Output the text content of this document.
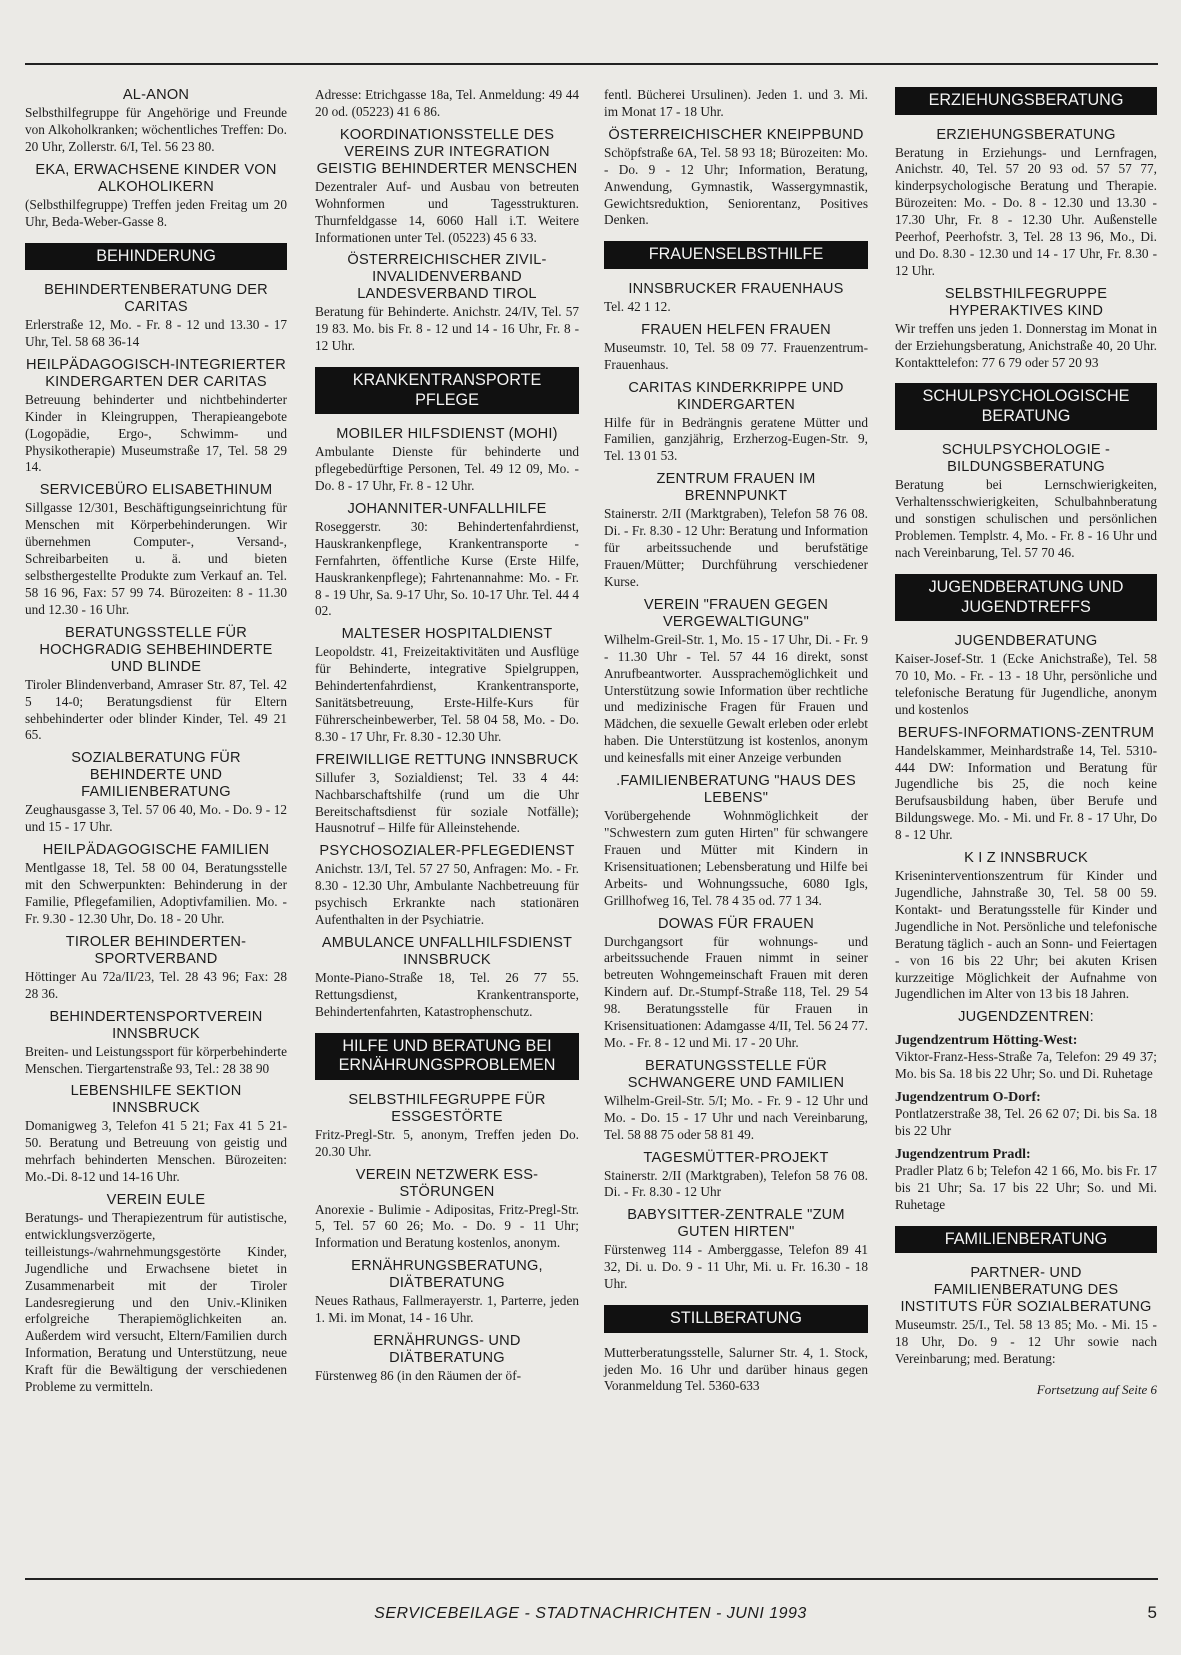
AL-ANON

Selbsthilfegruppe für Angehörige und Freunde von Alkoholkranken; wöchentliches Treffen: Do. 20 Uhr, Zollerstr. 6/I, Tel. 56 23 80.

EKA, ERWACHSENE KINDER VON ALKOHOLIKERN

(Selbsthilfegruppe) Treffen jeden Freitag um 20 Uhr, Beda-Weber-Gasse 8.

BEHINDERUNG
BEHINDERTENBERATUNG DER CARITAS

Erlerstraße 12, Mo. - Fr. 8 - 12 und 13.30 - 17 Uhr, Tel. 58 68 36-14

HEILPÄDAGOGISCH-INTEGRIERTER KINDERGARTEN DER CARITAS

Betreuung behinderter und nichtbehinderter Kinder in Kleingruppen, Therapieangebote (Logopädie, Ergo-, Schwimm- und Physikotherapie) Museumstraße 17, Tel. 58 29 14.

SERVICEBÜRO ELISABETHINUM

Sillgasse 12/301, Beschäftigungseinrichtung für Menschen mit Körperbehinderungen. Wir übernehmen Computer-, Versand-, Schreibarbeiten u. ä. und bieten selbsthergestellte Produkte zum Verkauf an. Tel. 58 16 96, Fax: 57 99 74. Bürozeiten: 8 - 11.30 und 12.30 - 16 Uhr.

BERATUNGSSTELLE FÜR HOCHGRADIG SEHBEHINDERTE UND BLINDE

Tiroler Blindenverband, Amraser Str. 87, Tel. 42 5 14-0; Beratungsdienst für Eltern sehbehinderter oder blinder Kinder, Tel. 49 21 65.

SOZIALBERATUNG FÜR BEHINDERTE UND FAMILIENBERATUNG

Zeughausgasse 3, Tel. 57 06 40, Mo. - Do. 9 - 12 und 15 - 17 Uhr.

HEILPÄDAGOGISCHE FAMILIEN

Mentlgasse 18, Tel. 58 00 04, Beratungsstelle mit den Schwerpunkten: Behinderung in der Familie, Pflegefamilien, Adoptivfamilien. Mo. - Fr. 9.30 - 12.30 Uhr, Do. 18 - 20 Uhr.

TIROLER BEHINDERTEN-SPORTVERBAND

Höttinger Au 72a/II/23, Tel. 28 43 96; Fax: 28 28 36.

BEHINDERTENSPORTVEREIN INNSBRUCK

Breiten- und Leistungssport für körperbehinderte Menschen. Tiergartenstraße 93, Tel.: 28 38 90

LEBENSHILFE SEKTION INNSBRUCK

Domanigweg 3, Telefon 41 5 21; Fax 41 5 21-50. Beratung und Betreuung von geistig und mehrfach behinderten Menschen. Bürozeiten: Mo.-Di. 8-12 und 14-16 Uhr.

VEREIN EULE

Beratungs- und Therapiezentrum für autistische, entwicklungsverzögerte, teilleistungs-/wahrnehmungsgestörte Kinder, Jugendliche und Erwachsene bietet in Zusammenarbeit mit der Tiroler Landesregierung und den Univ.-Kliniken erfolgreiche Therapiemöglichkeiten an. Außerdem wird versucht, Eltern/Familien durch Information, Beratung und Unterstützung, neue Kraft für die Bewältigung der verschiedenen Probleme zu vermitteln.

Adresse: Etrichgasse 18a, Tel. Anmeldung: 49 44 20 od. (05223) 41 6 86.

KOORDINATIONSSTELLE DES VEREINS ZUR INTEGRATION GEISTIG BEHINDERTER MENSCHEN

Dezentraler Auf- und Ausbau von betreuten Wohnformen und Tagesstrukturen. Thurnfeldgasse 14, 6060 Hall i.T. Weitere Informationen unter Tel. (05223) 45 6 33.

ÖSTERREICHISCHER ZIVIL-INVALIDENVERBAND LANDESVERBAND TIROL

Beratung für Behinderte. Anichstr. 24/IV, Tel. 57 19 83. Mo. bis Fr. 8 - 12 und 14 - 16 Uhr, Fr. 8 - 12 Uhr.

KRANKENTRANSPORTE PFLEGE
MOBILER HILFSDIENST (MOHI)

Ambulante Dienste für behinderte und pflegebedürftige Personen, Tel. 49 12 09, Mo. - Do. 8 - 17 Uhr, Fr. 8 - 12 Uhr.

JOHANNITER-UNFALLHILFE

Roseggerstr. 30: Behindertenfahrdienst, Hauskrankenpflege, Krankentransporte - Fernfahrten, öffentliche Kurse (Erste Hilfe, Hauskrankenpflege); Fahrtenannahme: Mo. - Fr. 8 - 19 Uhr, Sa. 9-17 Uhr, So. 10-17 Uhr. Tel. 44 4 02.

MALTESER HOSPITALDIENST

Leopoldstr. 41, Freizeitaktivitäten und Ausflüge für Behinderte, integrative Spielgruppen, Behindertenfahrdienst, Krankentransporte, Sanitätsbetreuung, Erste-Hilfe-Kurs für Führerscheinbewerber, Tel. 58 04 58, Mo. - Do. 8.30 - 17 Uhr, Fr. 8.30 - 12.30 Uhr.

FREIWILLIGE RETTUNG INNSBRUCK

Sillufer 3, Sozialdienst; Tel. 33 4 44: Nachbarschaftshilfe (rund um die Uhr Bereitschaftsdienst für soziale Notfälle); Hausnotruf – Hilfe für Alleinstehende.

PSYCHOSOZIALER-PFLEGEDIENST

Anichstr. 13/I, Tel. 57 27 50, Anfragen: Mo. - Fr. 8.30 - 12.30 Uhr, Ambulante Nachbetreuung für psychisch Erkrankte nach stationären Aufenthalten in der Psychiatrie.

AMBULANCE UNFALLHILFSDIENST INNSBRUCK

Monte-Piano-Straße 18, Tel. 26 77 55. Rettungsdienst, Krankentransporte, Behindertenfahrten, Katastrophenschutz.

HILFE UND BERATUNG BEI ERNÄHRUNGSPROBLEMEN
SELBSTHILFEGRUPPE FÜR ESSGESTÖRTE

Fritz-Pregl-Str. 5, anonym, Treffen jeden Do. 20.30 Uhr.

VEREIN NETZWERK ESS-STÖRUNGEN

Anorexie - Bulimie - Adipositas, Fritz-Pregl-Str. 5, Tel. 57 60 26; Mo. - Do. 9 - 11 Uhr; Information und Beratung kostenlos, anonym.

ERNÄHRUNGSBERATUNG, DIÄTBERATUNG

Neues Rathaus, Fallmerayerstr. 1, Parterre, jeden 1. Mi. im Monat, 14 - 16 Uhr.

ERNÄHRUNGS- UND DIÄTBERATUNG

Fürstenweg 86 (in den Räumen der öf-

fentl. Bücherei Ursulinen). Jeden 1. und 3. Mi. im Monat 17 - 18 Uhr.

ÖSTERREICHISCHER KNEIPPBUND

Schöpfstraße 6A, Tel. 58 93 18; Bürozeiten: Mo. - Do. 9 - 12 Uhr; Information, Beratung, Anwendung, Gymnastik, Wassergymnastik, Gewichtsreduktion, Seniorentanz, Positives Denken.

FRAUENSELBSTHILFE
INNSBRUCKER FRAUENHAUS

Tel. 42 1 12.

FRAUEN HELFEN FRAUEN

Museumstr. 10, Tel. 58 09 77. Frauenzentrum-Frauenhaus.

CARITAS KINDERKRIPPE UND KINDERGARTEN

Hilfe für in Bedrängnis geratene Mütter und Familien, ganzjährig, Erzherzog-Eugen-Str. 9, Tel. 13 01 53.

ZENTRUM FRAUEN IM BRENNPUNKT

Stainerstr. 2/II (Marktgraben), Telefon 58 76 08. Di. - Fr. 8.30 - 12 Uhr: Beratung und Information für arbeitssuchende und berufstätige Frauen/Mütter; Durchführung verschiedener Kurse.

VEREIN "FRAUEN GEGEN VERGEWALTIGUNG"

Wilhelm-Greil-Str. 1, Mo. 15 - 17 Uhr, Di. - Fr. 9 - 11.30 Uhr - Tel. 57 44 16 direkt, sonst Anrufbeantworter. Aussprachemöglichkeit und Unterstützung sowie Information über rechtliche und medizinische Fragen für Frauen und Mädchen, die sexuelle Gewalt erleben oder erlebt haben. Die Unterstützung ist kostenlos, anonym und keinesfalls mit einer Anzeige verbunden

.FAMILIENBERATUNG "HAUS DES LEBENS"

Vorübergehende Wohnmöglichkeit der "Schwestern zum guten Hirten" für schwangere Frauen und Mütter mit Kindern in Krisensituationen; Lebensberatung und Hilfe bei Arbeits- und Wohnungssuche, 6080 Igls, Grillhofweg 16, Tel. 78 4 35 od. 77 1 34.

DOWAS FÜR FRAUEN

Durchgangsort für wohnungs- und arbeitssuchende Frauen nimmt in seiner betreuten Wohngemeinschaft Frauen mit deren Kindern auf. Dr.-Stumpf-Straße 118, Tel. 29 54 98. Beratungsstelle für Frauen in Krisensituationen: Adamgasse 4/II, Tel. 56 24 77. Mo. - Fr. 8 - 12 und Mi. 17 - 20 Uhr.

BERATUNGSSTELLE FÜR SCHWANGERE UND FAMILIEN

Wilhelm-Greil-Str. 5/I; Mo. - Fr. 9 - 12 Uhr und Mo. - Do. 15 - 17 Uhr und nach Vereinbarung, Tel. 58 88 75 oder 58 81 49.

TAGESMÜTTER-PROJEKT

Stainerstr. 2/II (Marktgraben), Telefon 58 76 08. Di. - Fr. 8.30 - 12 Uhr

BABYSITTER-ZENTRALE "ZUM GUTEN HIRTEN"

Fürstenweg 114 - Amberggasse, Telefon 89 41 32, Di. u. Do. 9 - 11 Uhr, Mi. u. Fr. 16.30 - 18 Uhr.

STILLBERATUNG

Mutterberatungsstelle, Salurner Str. 4, 1. Stock, jeden Mo. 16 Uhr und darüber hinaus gegen Voranmeldung Tel. 5360-633

ERZIEHUNGSBERATUNG
ERZIEHUNGSBERATUNG

Beratung in Erziehungs- und Lernfragen, Anichstr. 40, Tel. 57 20 93 od. 57 57 77, kinderpsychologische Beratung und Therapie. Bürozeiten: Mo. - Do. 8 - 12.30 und 13.30 - 17.30 Uhr, Fr. 8 - 12.30 Uhr. Außenstelle Peerhof, Peerhofstr. 3, Tel. 28 13 96, Mo., Di. und Do. 8.30 - 12.30 und 14 - 17 Uhr, Fr. 8.30 - 12 Uhr.

SELBSTHILFEGRUPPE HYPERAKTIVES KIND

Wir treffen uns jeden 1. Donnerstag im Monat in der Erziehungsberatung, Anichstraße 40, 20 Uhr. Kontakttelefon: 77 6 79 oder 57 20 93

SCHULPSYCHOLOGISCHE BERATUNG
SCHULPSYCHOLOGIE - BILDUNGSBERATUNG

Beratung bei Lernschwierigkeiten, Verhaltensschwierigkeiten, Schulbahnberatung und sonstigen schulischen und persönlichen Problemen. Templstr. 4, Mo. - Fr. 8 - 16 Uhr und nach Vereinbarung, Tel. 57 70 46.

JUGENDBERATUNG UND JUGENDTREFFS
JUGENDBERATUNG

Kaiser-Josef-Str. 1 (Ecke Anichstraße), Tel. 58 70 10, Mo. - Fr. - 13 - 18 Uhr, persönliche und telefonische Beratung für Jugendliche, anonym und kostenlos

BERUFS-INFORMATIONS-ZENTRUM

Handelskammer, Meinhardstraße 14, Tel. 5310-444 DW: Information und Beratung für Jugendliche bis 25, die noch keine Berufsausbildung haben, über Berufe und Bildungswege. Mo. - Mi. und Fr. 8 - 17 Uhr, Do 8 - 12 Uhr.

K I Z INNSBRUCK

Kriseninterventionszentrum für Kinder und Jugendliche, Jahnstraße 30, Tel. 58 00 59. Kontakt- und Beratungsstelle für Kinder und Jugendliche in Not. Persönliche und telefonische Beratung täglich - auch an Sonn- und Feiertagen - von 16 bis 22 Uhr; bei akuten Krisen kurzzeitige Möglichkeit der Aufnahme von Jugendlichen im Alter von 13 bis 18 Jahren.

JUGENDZENTREN:
Jugendzentrum Hötting-West:

Viktor-Franz-Hess-Straße 7a, Telefon: 29 49 37; Mo. bis Sa. 18 bis 22 Uhr; So. und Di. Ruhetage

Jugendzentrum O-Dorf:

Pontlatzerstraße 38, Tel. 26 62 07; Di. bis Sa. 18 bis 22 Uhr

Jugendzentrum Pradl:

Pradler Platz 6 b; Telefon 42 1 66, Mo. bis Fr. 17 bis 21 Uhr; Sa. 17 bis 22 Uhr; So. und Mi. Ruhetage

FAMILIENBERATUNG
PARTNER- UND FAMILIENBERATUNG DES INSTITUTS FÜR SOZIALBERATUNG

Museumstr. 25/I., Tel. 58 13 85; Mo. - Mi. 15 - 18 Uhr, Do. 9 - 12 Uhr sowie nach Vereinbarung; med. Beratung:

Fortsetzung auf Seite 6
SERVICEBEILAGE - STADTNACHRICHTEN - JUNI 1993	5
